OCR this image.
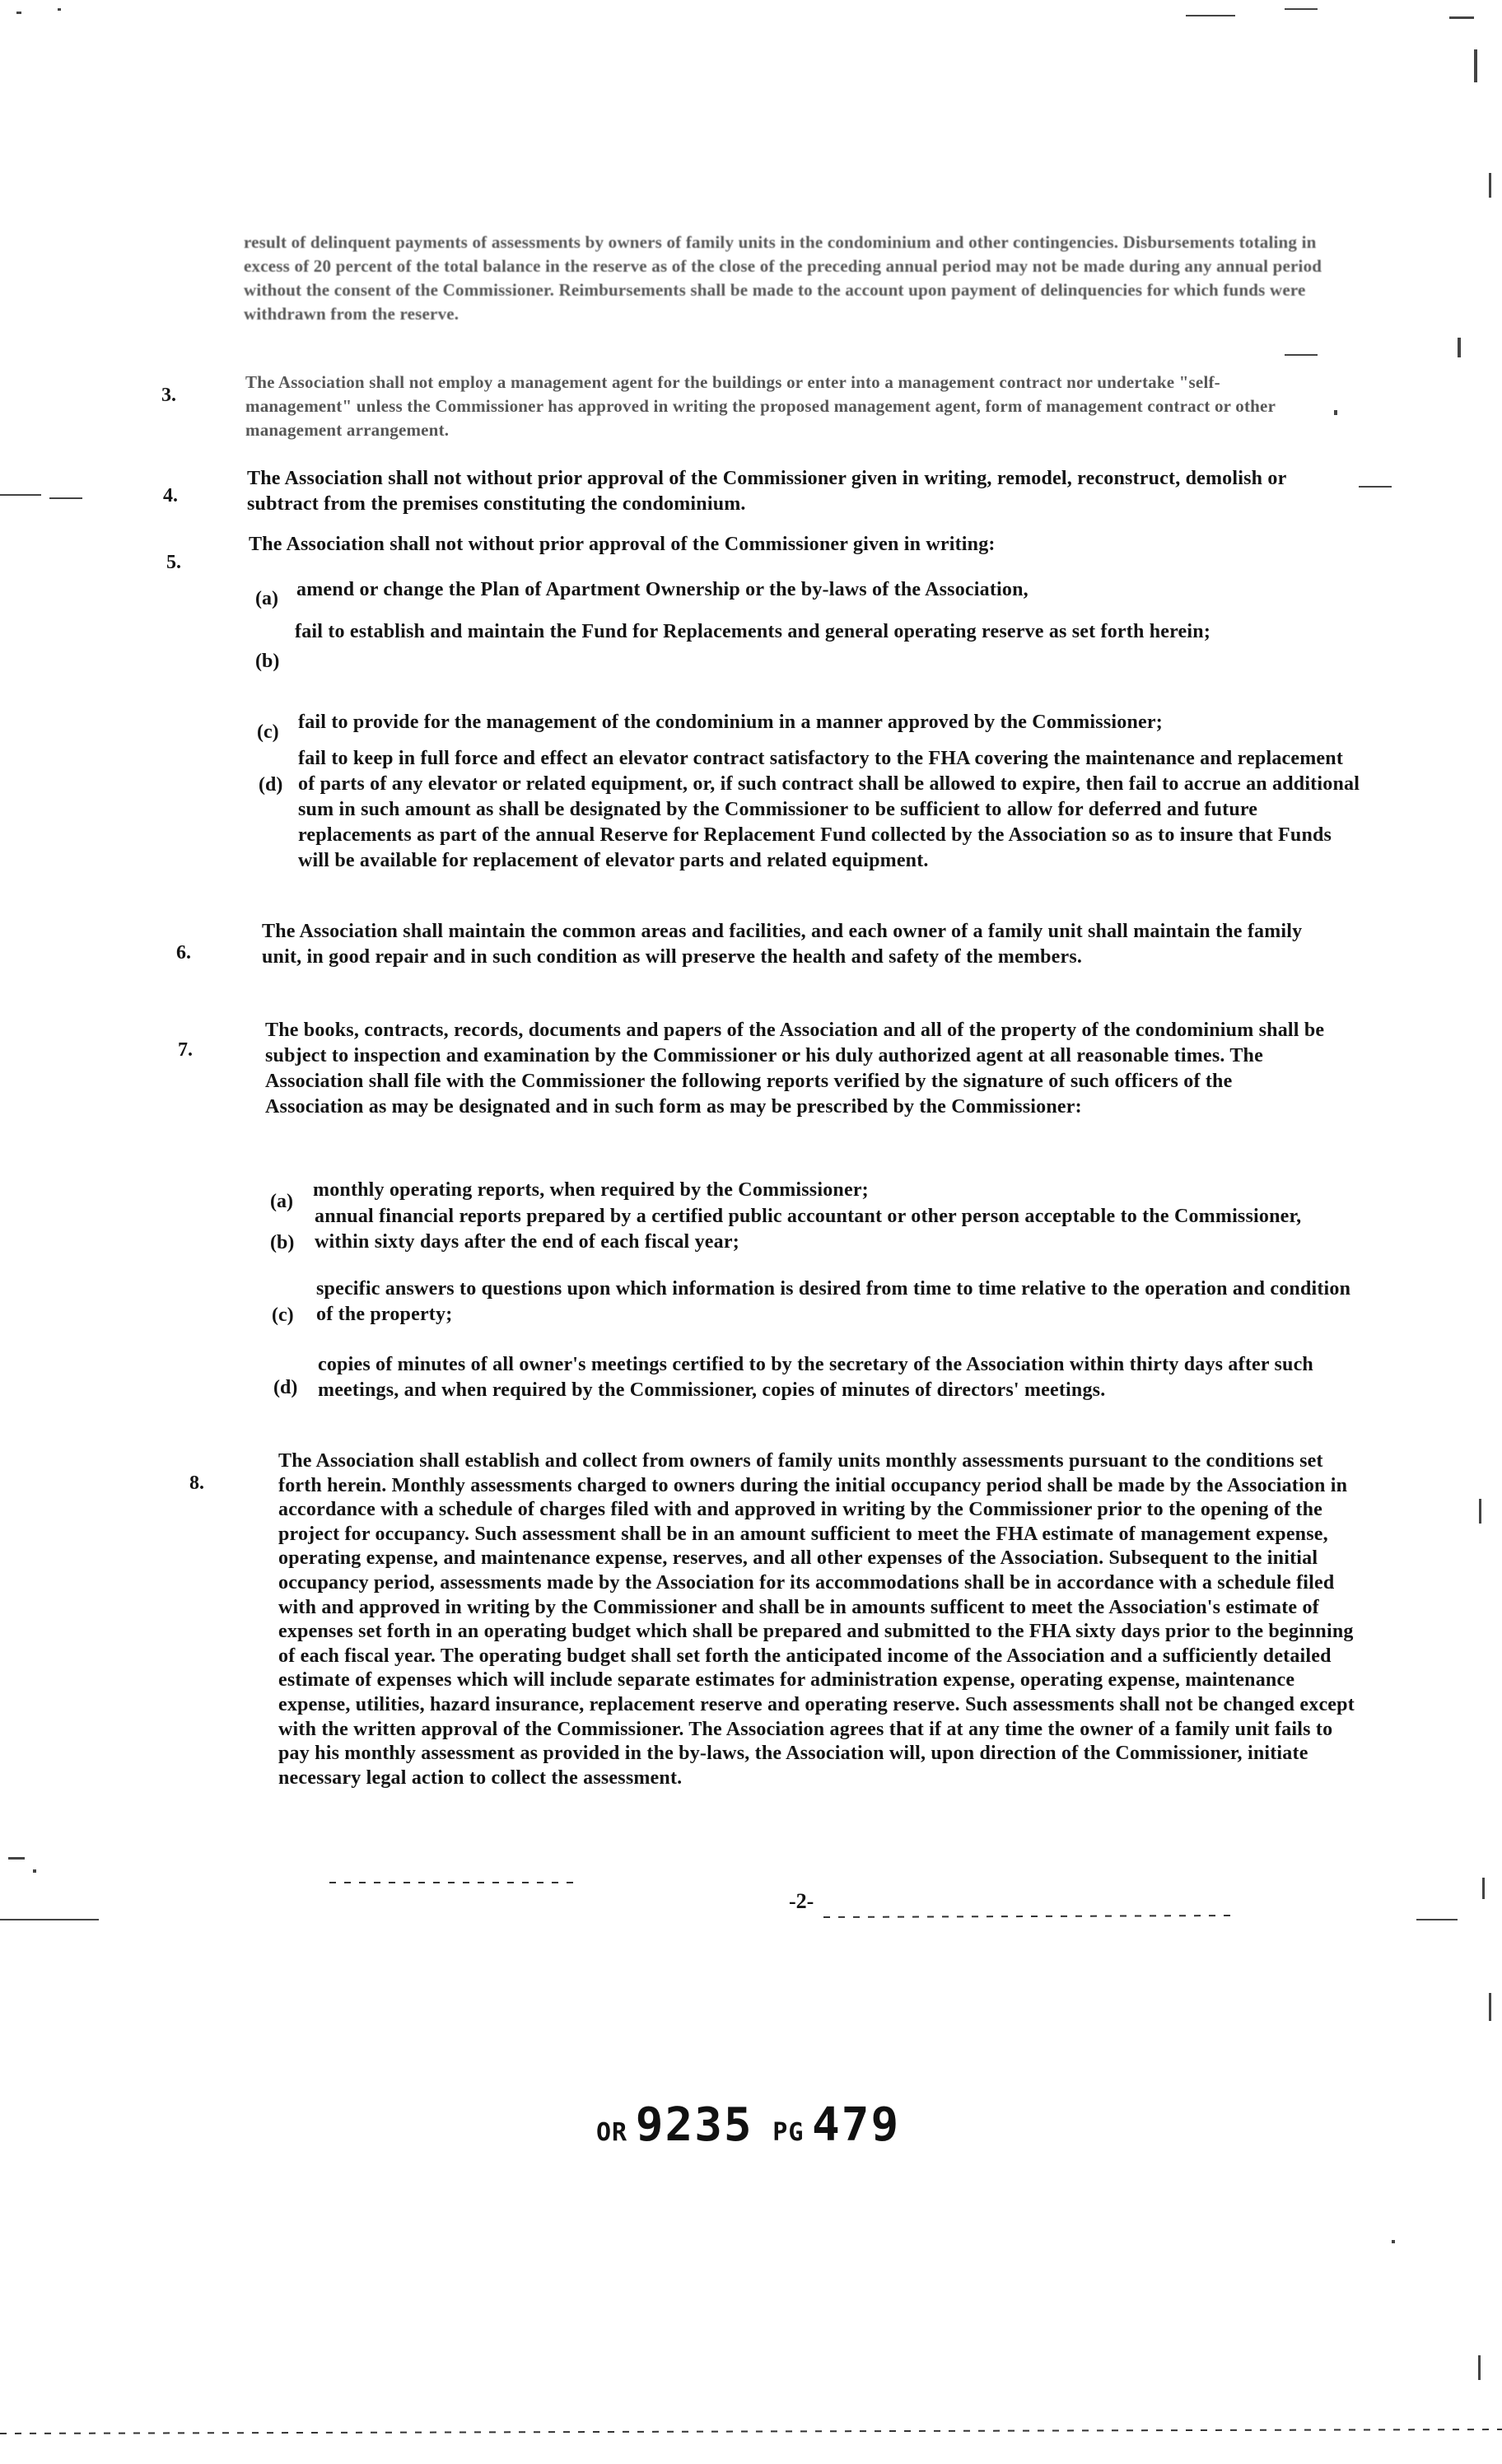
result of delinquent payments of assessments by owners of family units in the condominium and other contingencies. Disbursements totaling in excess of 20 percent of the total balance in the reserve as of the close of the preceding annual period may not be made during any annual period without the consent of the Commissioner. Reimbursements shall be made to the account upon payment of delinquencies for which funds were withdrawn from the reserve.
3.
The Association shall not employ a management agent for the buildings or enter into a management contract nor undertake "self-management" unless the Commissioner has approved in writing the proposed management agent, form of management contract or other management arrangement.
4.
The Association shall not without prior approval of the Commissioner given in writing, remodel, reconstruct, demolish or subtract from the premises constituting the condominium.
5.
The Association shall not without prior approval of the Commissioner given in writing:
(a) amend or change the Plan of Apartment Ownership or the by-laws of the Association,
(b)
fail to establish and maintain the Fund for Replacements and general operating reserve as set forth herein;
(c) fail to provide for the management of the condominium in a manner approved by the Commissioner;
(d)
fail to keep in full force and effect an elevator contract satisfactory to the FHA covering the maintenance and replacement of parts of any elevator or related equipment, or, if such contract shall be allowed to expire, then fail to accrue an additional sum in such amount as shall be designated by the Commissioner to be sufficient to allow for deferred and future replacements as part of the annual Reserve for Replacement Fund collected by the Association so as to insure that Funds will be available for replacement of elevator parts and related equipment.
6.
The Association shall maintain the common areas and facilities, and each owner of a family unit shall maintain the family unit, in good repair and in such condition as will preserve the health and safety of the members.
7.
The books, contracts, records, documents and papers of the Association and all of the property of the condominium shall be subject to inspection and examination by the Commissioner or his duly authorized agent at all reasonable times. The Association shall file with the Commissioner the following reports verified by the signature of such officers of the Association as may be designated and in such form as may be prescribed by the Commissioner:
(a)
monthly operating reports, when required by the Commissioner;
(b)
annual financial reports prepared by a certified public accountant or other person acceptable to the Commissioner, within sixty days after the end of each fiscal year;
(c)
specific answers to questions upon which information is desired from time to time relative to the operation and condition of the property;
(d)
copies of minutes of all owner's meetings certified to by the secretary of the Association within thirty days after such meetings, and when required by the Commissioner, copies of minutes of directors' meetings.
8.
The Association shall establish and collect from owners of family units monthly assessments pursuant to the conditions set forth herein. Monthly assessments charged to owners during the initial occupancy period shall be made by the Association in accordance with a schedule of charges filed with and approved in writing by the Commissioner prior to the opening of the project for occupancy. Such assessment shall be in an amount sufficient to meet the FHA estimate of management expense, operating expense, and maintenance expense, reserves, and all other expenses of the Association. Subsequent to the initial occupancy period, assessments made by the Association for its accommodations shall be in accordance with a schedule filed with and approved in writing by the Commissioner and shall be in amounts sufficent to meet the Association's estimate of expenses set forth in an operating budget which shall be prepared and submitted to the FHA sixty days prior to the beginning of each fiscal year. The operating budget shall set forth the anticipated income of the Association and a sufficiently detailed estimate of expenses which will include separate estimates for administration expense, operating expense, maintenance expense, utilities, hazard insurance, replacement reserve and operating reserve. Such assessments shall not be changed except with the written approval of the Commissioner. The Association agrees that if at any time the owner of a family unit fails to pay his monthly assessment as provided in the by-laws, the Association will, upon direction of the Commissioner, initiate necessary legal action to collect the assessment.
-2-
OR 9235 PG 479
